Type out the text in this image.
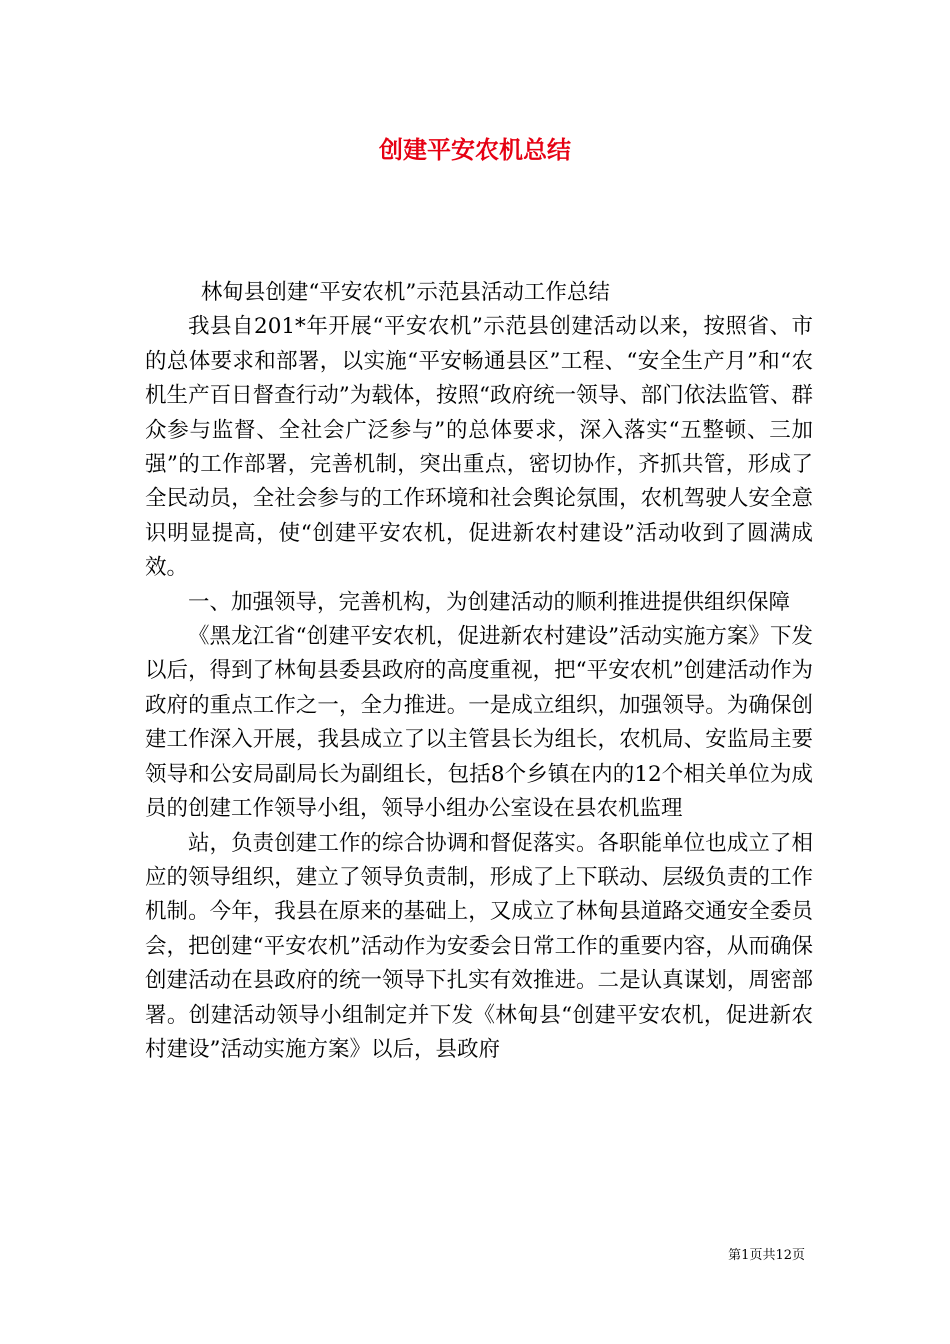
创建平安农机总结

林甸县创建“平安农机”示范县活动工作总结

我县自201*年开展“平安农机”示范县创建活动以来，按照省、市的总体要求和部署，以实施“平安畅通县区”工程、“安全生产月”和“农机生产百日督查行动”为载体，按照“政府统一领导、部门依法监管、群众参与监督、全社会广泛参与”的总体要求，深入落实“五整顿、三加强”的工作部署，完善机制，突出重点，密切协作，齐抓共管，形成了全民动员，全社会参与的工作环境和社会舆论氛围，农机驾驶人安全意识明显提高，使“创建平安农机，促进新农村建设”活动收到了圆满成效。

一、加强领导，完善机构，为创建活动的顺利推进提供组织保障

《黑龙江省“创建平安农机，促进新农村建设”活动实施方案》下发以后，得到了林甸县委县政府的高度重视，把“平安农机”创建活动作为政府的重点工作之一，全力推进。一是成立组织，加强领导。为确保创建工作深入开展，我县成立了以主管县长为组长，农机局、安监局主要领导和公安局副局长为副组长，包括8个乡镇在内的12个相关单位为成员的创建工作领导小组，领导小组办公室设在县农机监理

站，负责创建工作的综合协调和督促落实。各职能单位也成立了相应的领导组织，建立了领导负责制，形成了上下联动、层级负责的工作机制。今年，我县在原来的基础上，又成立了林甸县道路交通安全委员会，把创建“平安农机”活动作为安委会日常工作的重要内容，从而确保创建活动在县政府的统一领导下扎实有效推进。二是认真谋划，周密部署。创建活动领导小组制定并下发《林甸县“创建平安农机，促进新农村建设”活动实施方案》以后，县政府

第1页共12页
